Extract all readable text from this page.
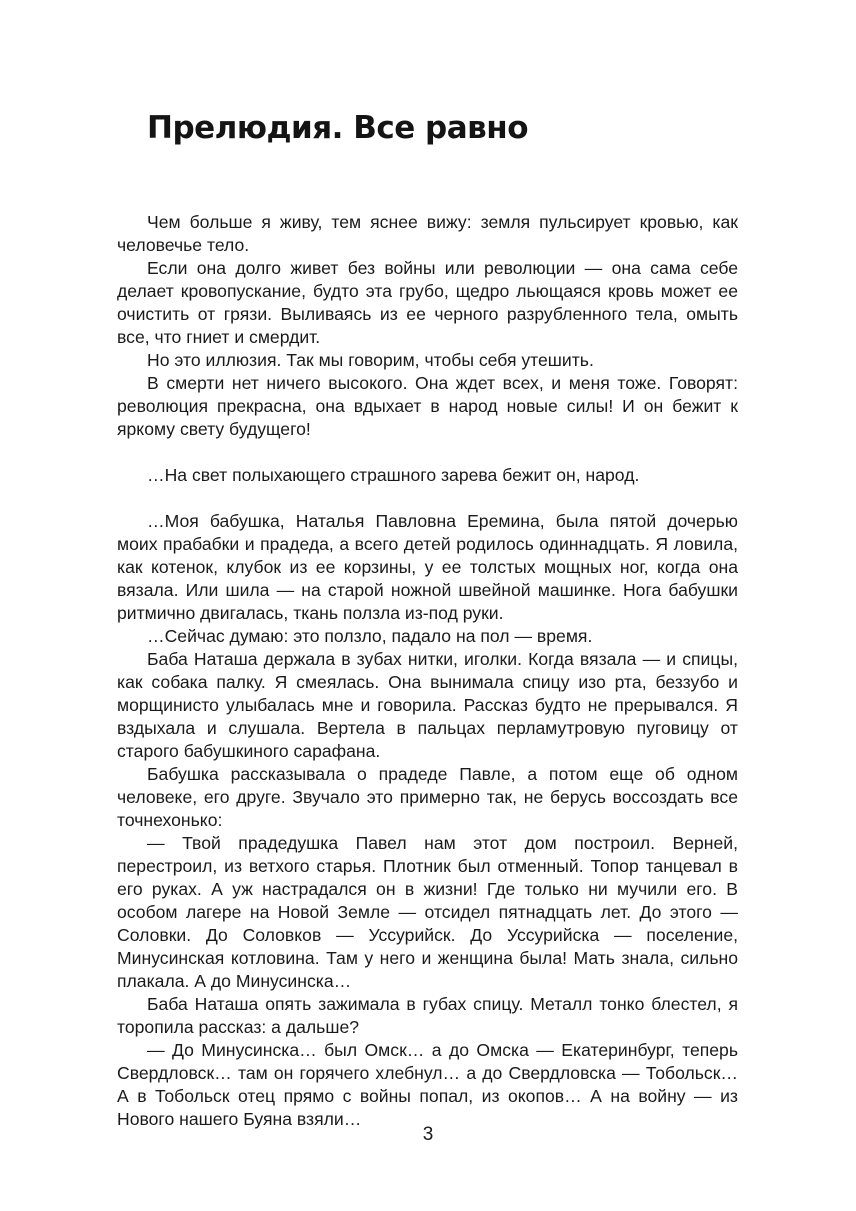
Прелюдия. Все равно

Чем больше я живу, тем яснее вижу: земля пульсирует кровью, как человечье тело.

Если она долго живет без войны или революции — она сама себе делает кровопускание, будто эта грубо, щедро льющаяся кровь может ее очистить от грязи. Выливаясь из ее черного разрубленного тела, омыть все, что гниет и смердит.

Но это иллюзия. Так мы говорим, чтобы себя утешить.

В смерти нет ничего высокого. Она ждет всех, и меня тоже. Говорят: революция прекрасна, она вдыхает в народ новые силы! И он бежит к яркому свету будущего!

…На свет полыхающего страшного зарева бежит он, народ.

…Моя бабушка, Наталья Павловна Еремина, была пятой дочерью моих прабабки и прадеда, а всего детей родилось одиннадцать. Я ловила, как котенок, клубок из ее корзины, у ее толстых мощных ног, когда она вязала. Или шила — на старой ножной швейной машинке. Нога бабушки ритмично двигалась, ткань ползла из-под руки.

…Сейчас думаю: это ползло, падало на пол — время.

Баба Наташа держала в зубах нитки, иголки. Когда вязала — и спицы, как собака палку. Я смеялась. Она вынимала спицу изо рта, беззубо и морщинисто улыбалась мне и говорила. Рассказ будто не прерывался. Я вздыхала и слушала. Вертела в пальцах перламутровую пуговицу от старого бабушкиного сарафана.

Бабушка рассказывала о прадеде Павле, а потом еще об одном человеке, его друге. Звучало это примерно так, не берусь воссоздать все точнехонько:

— Твой прадедушка Павел нам этот дом построил. Верней, перестроил, из ветхого старья. Плотник был отменный. Топор танцевал в его руках. А уж настрадался он в жизни! Где только ни мучили его. В особом лагере на Новой Земле — отсидел пятнадцать лет. До этого — Соловки. До Соловков — Уссурийск. До Уссурийска — поселение, Минусинская котловина. Там у него и женщина была! Мать знала, сильно плакала. А до Минусинска…

Баба Наташа опять зажимала в губах спицу. Металл тонко блестел, я торопила рассказ: а дальше?

— До Минусинска… был Омск… а до Омска — Екатеринбург, теперь Свердловск… там он горячего хлебнул… а до Свердловска — Тобольск… А в Тобольск отец прямо с войны попал, из окопов… А на войну — из Нового нашего Буяна взяли…

3
